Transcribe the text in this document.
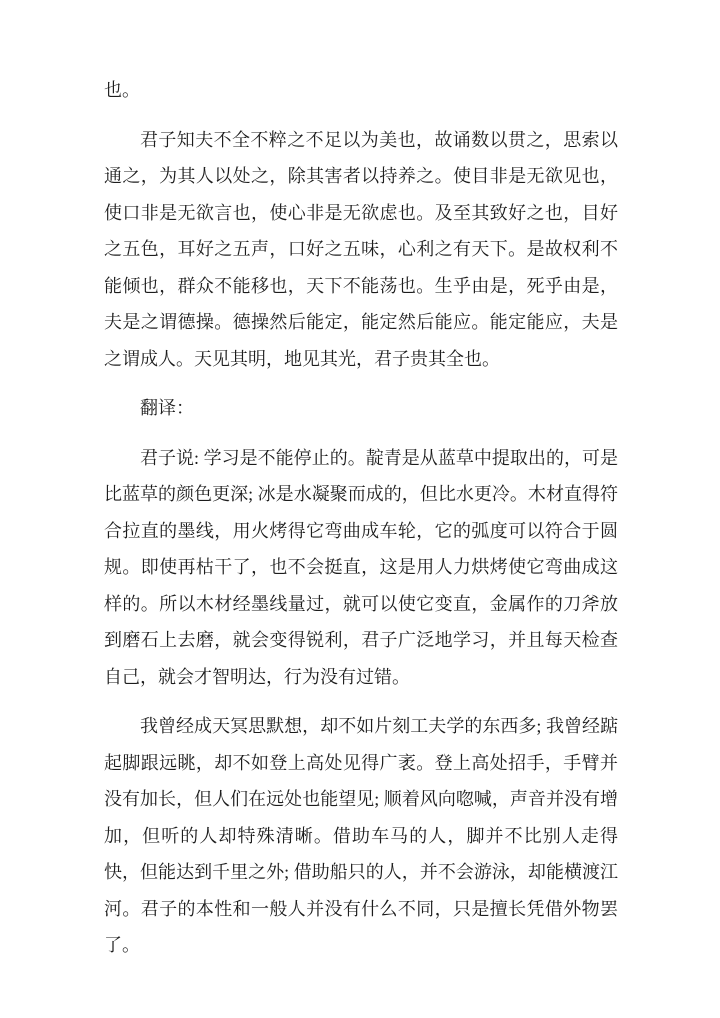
也。

君子知夫不全不粹之不足以为美也，故诵数以贯之，思索以通之，为其人以处之，除其害者以持养之。使目非是无欲见也，使口非是无欲言也，使心非是无欲虑也。及至其致好之也，目好之五色，耳好之五声，口好之五味，心利之有天下。是故权利不能倾也，群众不能移也，天下不能荡也。生乎由是，死乎由是，夫是之谓德操。德操然后能定，能定然后能应。能定能应，夫是之谓成人。天见其明，地见其光，君子贵其全也。

翻译：

君子说: 学习是不能停止的。靛青是从蓝草中提取出的，可是比蓝草的颜色更深; 冰是水凝聚而成的，但比水更冷。木材直得符合拉直的墨线，用火烤得它弯曲成车轮，它的弧度可以符合于圆规。即使再枯干了，也不会挺直，这是用人力烘烤使它弯曲成这样的。所以木材经墨线量过，就可以使它变直，金属作的刀斧放到磨石上去磨，就会变得锐利，君子广泛地学习，并且每天检查自己，就会才智明达，行为没有过错。

我曾经成天冥思默想，却不如片刻工夫学的东西多; 我曾经踮起脚跟远眺，却不如登上高处见得广袤。登上高处招手，手臂并没有加长，但人们在远处也能望见; 顺着风向唿喊，声音并没有增加，但听的人却特殊清晰。借助车马的人，脚并不比别人走得快，但能达到千里之外; 借助船只的人，并不会游泳，却能横渡江河。君子的本性和一般人并没有什么不同，只是擅长凭借外物罢了。
